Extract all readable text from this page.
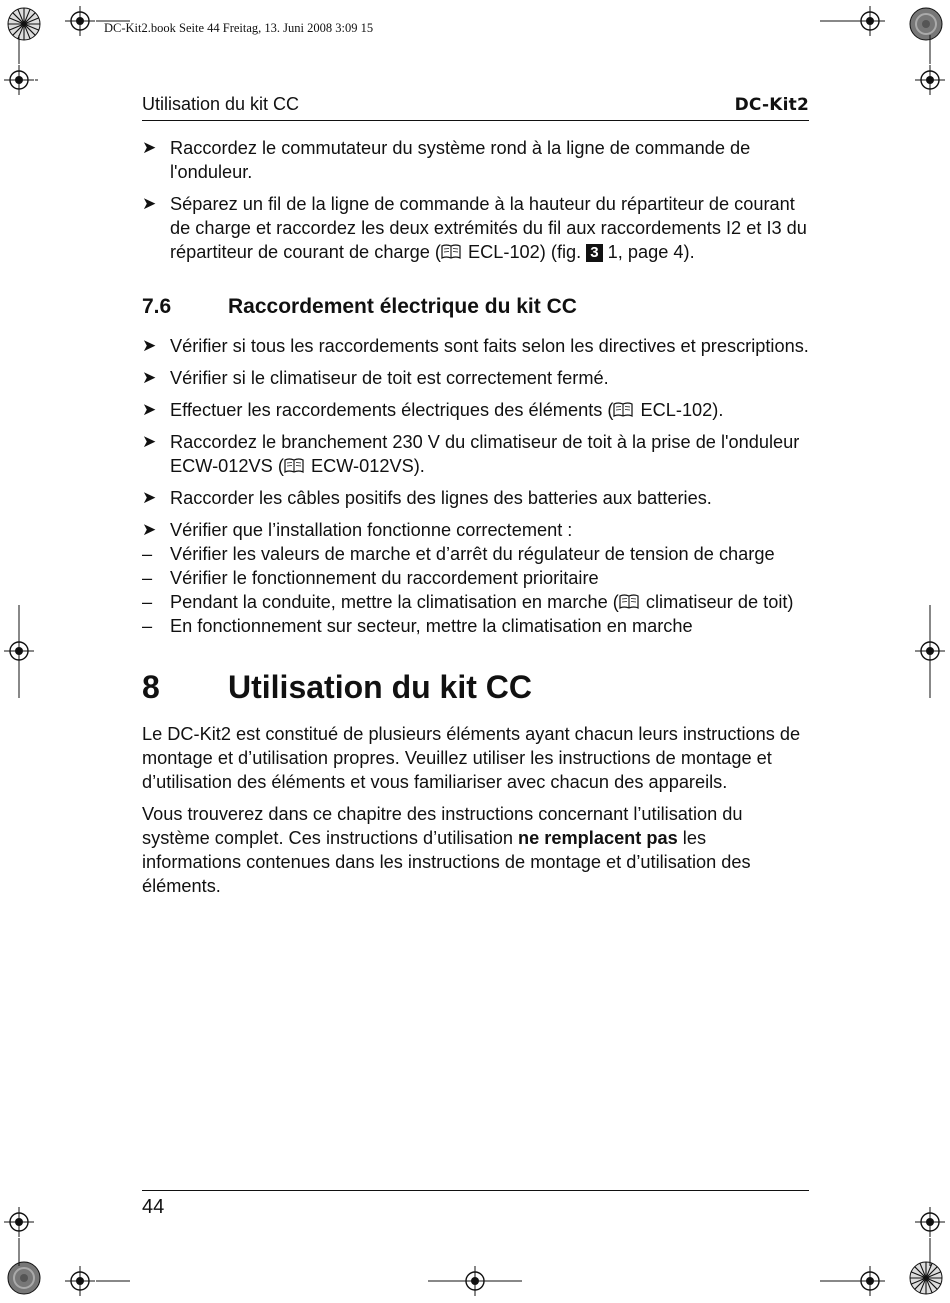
DC-Kit2.book Seite 44 Freitag, 13. Juni 2008 3:09 15
Utilisation du kit CC	DC-Kit2
➤ Raccordez le commutateur du système rond à la ligne de commande de l'onduleur.
➤ Séparez un fil de la ligne de commande à la hauteur du répartiteur de courant de charge et raccordez les deux extrémités du fil aux raccordements I2 et I3 du répartiteur de courant de charge ( ECL-102) (fig. 3 1, page 4).
7.6	Raccordement électrique du kit CC
➤ Vérifier si tous les raccordements sont faits selon les directives et prescriptions.
➤ Vérifier si le climatiseur de toit est correctement fermé.
➤ Effectuer les raccordements électriques des éléments ( ECL-102).
➤ Raccordez le branchement 230 V du climatiseur de toit à la prise de l'onduleur ECW-012VS ( ECW-012VS).
➤ Raccorder les câbles positifs des lignes des batteries aux batteries.
➤ Vérifier que l’installation fonctionne correctement :
– Vérifier les valeurs de marche et d’arrêt du régulateur de tension de charge
– Vérifier le fonctionnement du raccordement prioritaire
– Pendant la conduite, mettre la climatisation en marche ( climatiseur de toit)
– En fonctionnement sur secteur, mettre la climatisation en marche
8 Utilisation du kit CC

Le DC-Kit2 est constitué de plusieurs éléments ayant chacun leurs instructions de montage et d’utilisation propres. Veuillez utiliser les instructions de montage et d’utilisation des éléments et vous familiariser avec chacun des appareils.

Vous trouverez dans ce chapitre des instructions concernant l’utilisation du système complet. Ces instructions d’utilisation ne remplacent pas les informations contenues dans les instructions de montage et d’utilisation des éléments.

44
